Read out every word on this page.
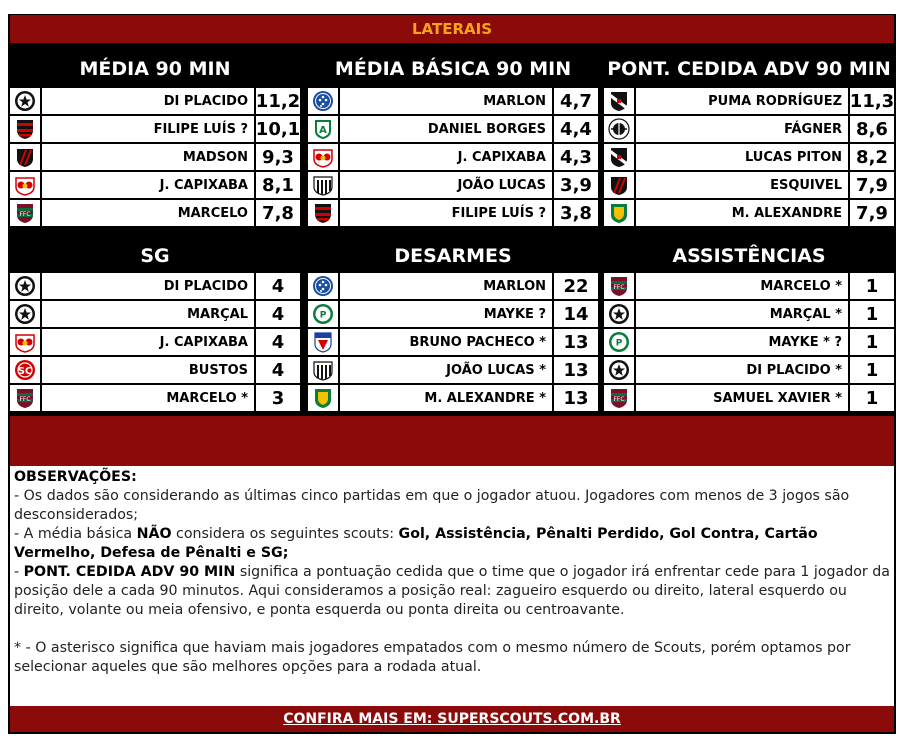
LATERAIS
MÉDIA 90 MIN
DI PLACIDO 11,2
FILIPE LUÍS ? 10,1
MADSON 9,3
J. CAPIXABA 8,1
FFC	MARCELO 7,8
MÉDIA BÁSICA 90 MIN
MARLON 4,7
A	DANIEL BORGES 4,4
J. CAPIXABA 4,3
JOÃO LUCAS 3,9
FILIPE LUÍS ? 3,8
PONT. CEDIDA ADV 90 MIN
PUMA RODRÍGUEZ 11,3
FÁGNER 8,6
LUCAS PITON 8,2
ESQUIVEL 7,9
M. ALEXANDRE 7,9
SG
DI PLACIDO	4
MARÇAL	4
J. CAPIXABA	4
SC	BUSTOS	4
FFC	MARCELO *	3
DESARMES
MARLON 22
P	MAYKE ? 14
BRUNO PACHECO * 13
JOÃO LUCAS * 13
M. ALEXANDRE * 13
ASSISTÊNCIAS
FFC	MARCELO *	1
MARÇAL *	1
P	MAYKE * ?	1
DI PLACIDO *	1
FFC	SAMUEL XAVIER *	1

OBSERVAÇÕES:

- Os dados são considerando as últimas cinco partidas em que o jogador atuou. Jogadores com menos de 3 jogos são desconsiderados;

- A média básica NÃO considera os seguintes scouts: Gol, Assistência, Pênalti Perdido, Gol Contra, Cartão Vermelho, Defesa de Pênalti e SG;

- PONT. CEDIDA ADV 90 MIN significa a pontuação cedida que o time que o jogador irá enfrentar cede para 1 jogador da posição dele a cada 90 minutos. Aqui consideramos a posição real: zagueiro esquerdo ou direito, lateral esquerdo ou direito, volante ou meia ofensivo, e ponta esquerda ou ponta direita ou centroavante.

* - O asterisco significa que haviam mais jogadores empatados com o mesmo número de Scouts, porém optamos por selecionar aqueles que são melhores opções para a rodada atual.

CONFIRA MAIS EM: SUPERSCOUTS.COM.BR
